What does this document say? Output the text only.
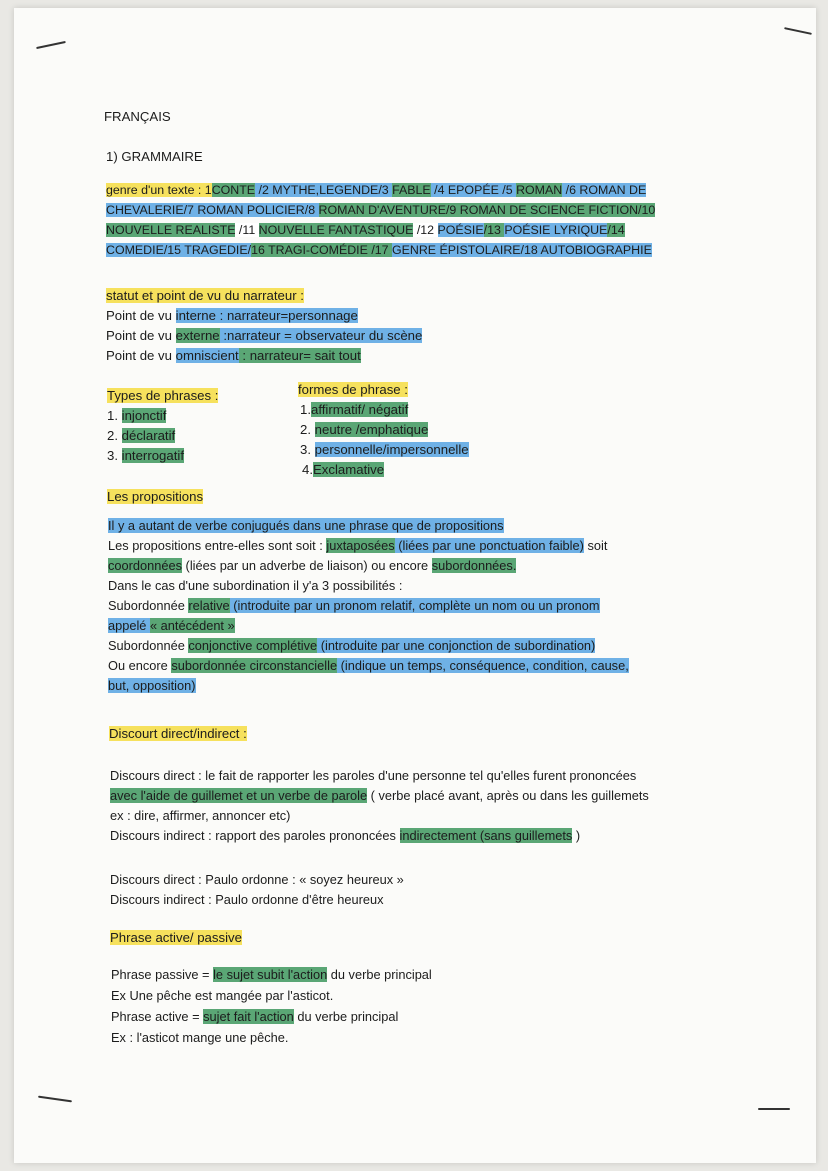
FRANÇAIS
1) GRAMMAIRE
genre d'un texte : 1CONTE /2 MYTHE,LEGENDE/3 FABLE /4 EPOPÉE /5 ROMAN /6 ROMAN DE
CHEVALERIE/7 ROMAN POLICIER/8 ROMAN D'AVENTURE/9 ROMAN DE SCIENCE FICTION/10
NOUVELLE REALISTE /11 NOUVELLE FANTASTIQUE /12 POÉSIE/13 POÉSIE LYRIQUE/14
COMEDIE/15 TRAGEDIE/16 TRAGI-COMÉDIE /17 GENRE ÉPISTOLAIRE/18 AUTOBIOGRAPHIE
statut et point de vu du narrateur :
Point de vu interne : narrateur=personnage
Point de vu externe :narrateur = observateur du scène
Point de vu omniscient : narrateur= sait tout
Types de phrases :
1. injonctif
2. déclaratif
3. interrogatif
formes de phrase :
1.affirmatif/ négatif
2. neutre /emphatique
3. personnelle/impersonnelle
4.Exclamative
Les propositions
Il y a autant de verbe conjugués dans une phrase que de propositions
Les propositions entre-elles sont soit : juxtaposées (liées par une ponctuation faible) soit
coordonnées (liées par un adverbe de liaison) ou encore subordonnées.
Dans le cas d'une subordination il y'a 3 possibilités :
Subordonnée relative (introduite par un pronom relatif, complète un nom ou un pronom
appelé « antécédent »
Subordonnée conjonctive complétive (introduite par une conjonction de subordination)
Ou encore subordonnée circonstancielle (indique un temps, conséquence, condition, cause,
but, opposition)
Discourt direct/indirect :
Discours direct : le fait de rapporter les paroles d'une personne tel qu'elles furent prononcées
avec l'aide de guillemet et un verbe de parole ( verbe placé avant, après ou dans les guillemets
ex : dire, affirmer, annoncer etc)
Discours indirect : rapport des paroles prononcées indirectement (sans guillemets )
Discours direct : Paulo ordonne : « soyez heureux »
Discours indirect : Paulo ordonne d'être heureux
Phrase active/ passive
Phrase passive = le sujet subit l'action du verbe principal
Ex Une pêche est mangée par l'asticot.
Phrase active = sujet fait l'action du verbe principal
Ex : l'asticot mange une pêche.
